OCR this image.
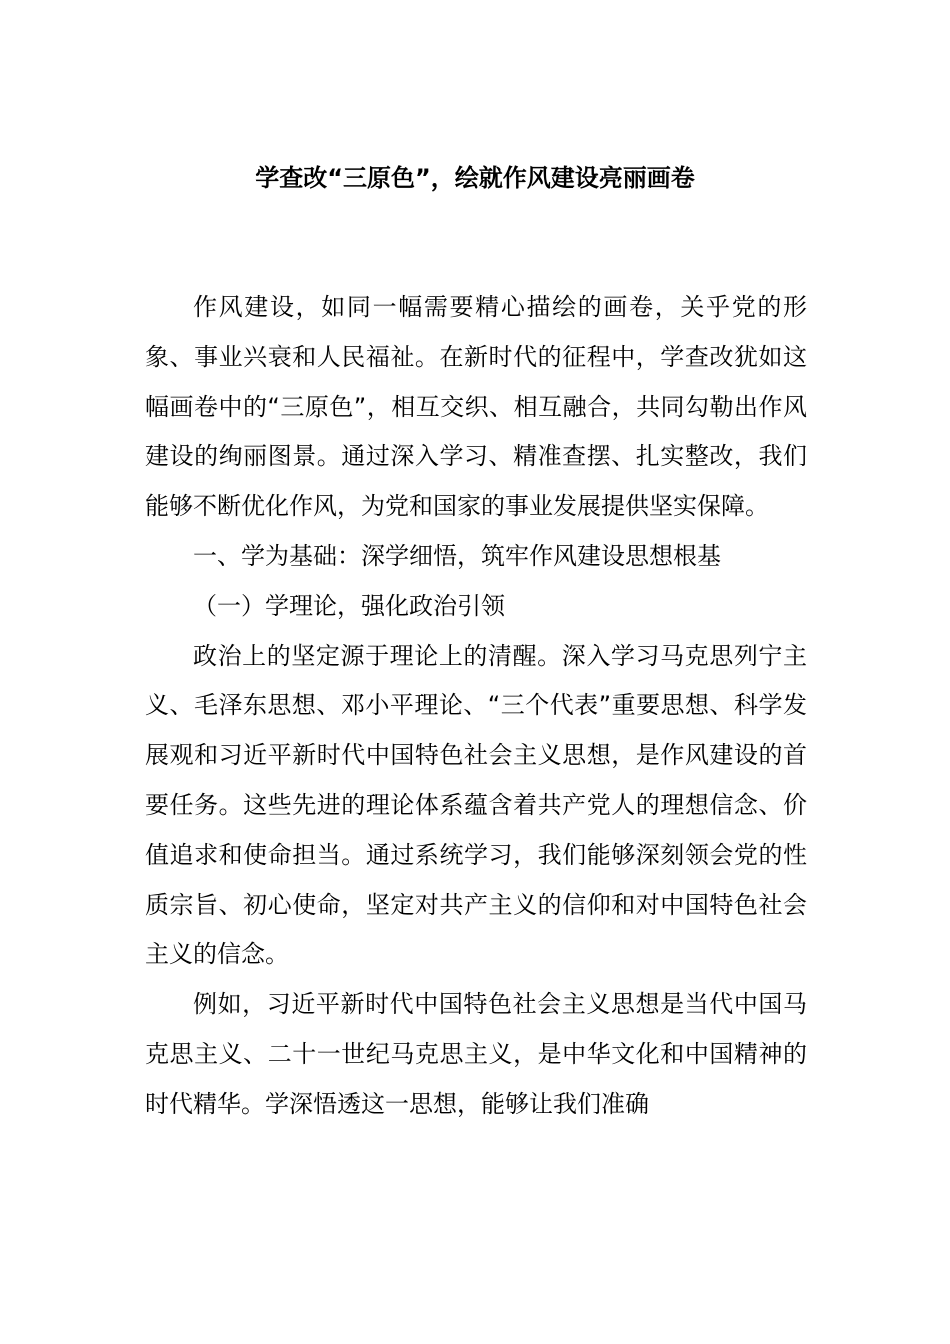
学查改“三原色”，绘就作风建设亮丽画卷

作风建设，如同一幅需要精心描绘的画卷，关乎党的形象、事业兴衰和人民福祉。在新时代的征程中，学查改犹如这幅画卷中的“三原色”，相互交织、相互融合，共同勾勒出作风建设的绚丽图景。通过深入学习、精准查摆、扎实整改，我们能够不断优化作风，为党和国家的事业发展提供坚实保障。

一、学为基础：深学细悟，筑牢作风建设思想根基

（一）学理论，强化政治引领

政治上的坚定源于理论上的清醒。深入学习马克思列宁主义、毛泽东思想、邓小平理论、“三个代表”重要思想、科学发展观和习近平新时代中国特色社会主义思想，是作风建设的首要任务。这些先进的理论体系蕴含着共产党人的理想信念、价值追求和使命担当。通过系统学习，我们能够深刻领会党的性质宗旨、初心使命，坚定对共产主义的信仰和对中国特色社会主义的信念。

例如，习近平新时代中国特色社会主义思想是当代中国马克思主义、二十一世纪马克思主义，是中华文化和中国精神的时代精华。学深悟透这一思想，能够让我们准确
